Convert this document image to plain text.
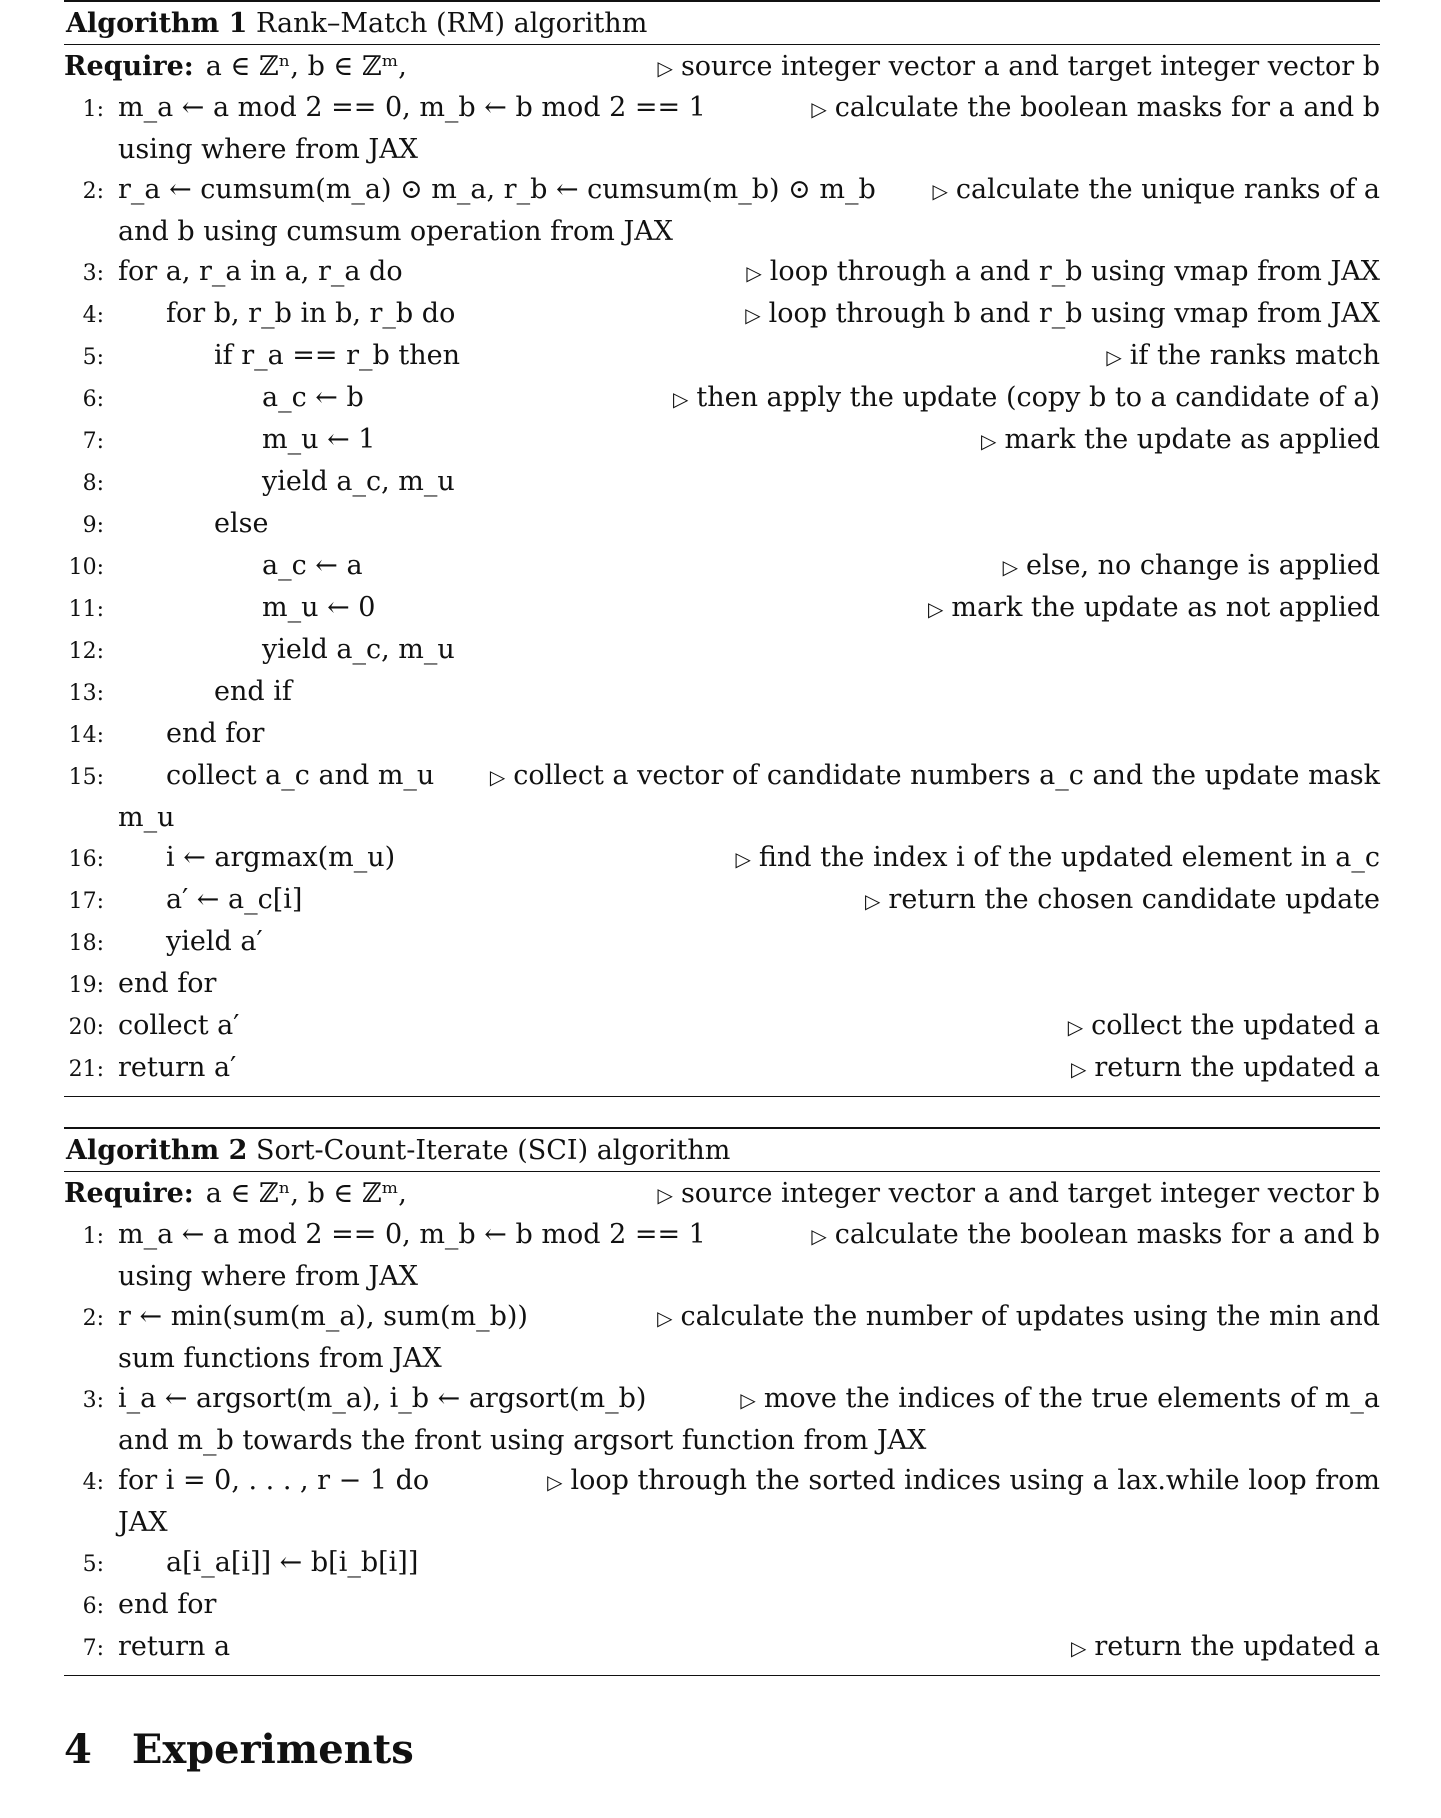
Algorithm 1 Rank–Match (RM) algorithm
Require: a ∈ ℤⁿ, b ∈ ℤᵐ,	▷ source integer vector a and target integer vector b
1: m_a ← a mod 2 == 0, m_b ← b mod 2 == 1	▷ calculate the boolean masks for a and b
using where from JAX
2: r_a ← cumsum(m_a) ⊙ m_a, r_b ← cumsum(m_b) ⊙ m_b	▷ calculate the unique ranks of a
and b using cumsum operation from JAX
3: for a, r_a in a, r_a do	▷ loop through a and r_b using vmap from JAX
4:	for b, r_b in b, r_b do	▷ loop through b and r_b using vmap from JAX
5:	if r_a == r_b then	▷ if the ranks match
6:	a_c ← b	▷ then apply the update (copy b to a candidate of a)
7:	m_u ← 1	▷ mark the update as applied
8:	yield a_c, m_u
9:	else
10:	a_c ← a	▷ else, no change is applied
11:	m_u ← 0	▷ mark the update as not applied
12:	yield a_c, m_u
13:	end if
14:	end for
15:	collect a_c and m_u	▷ collect a vector of candidate numbers a_c and the update mask
m_u
16:	i ← argmax(m_u)	▷ find the index i of the updated element in a_c
17:	a′ ← a_c[i]	▷ return the chosen candidate update
18:	yield a′
19: end for
20: collect a′	▷ collect the updated a
21: return a′	▷ return the updated a
Algorithm 2 Sort-Count-Iterate (SCI) algorithm
Require: a ∈ ℤⁿ, b ∈ ℤᵐ,	▷ source integer vector a and target integer vector b
1: m_a ← a mod 2 == 0, m_b ← b mod 2 == 1	▷ calculate the boolean masks for a and b
using where from JAX
2: r ← min(sum(m_a), sum(m_b))	▷ calculate the number of updates using the min and
sum functions from JAX
3: i_a ← argsort(m_a), i_b ← argsort(m_b)	▷ move the indices of the true elements of m_a
and m_b towards the front using argsort function from JAX
4: for i = 0, . . . , r − 1 do	▷ loop through the sorted indices using a lax.while loop from
JAX
5:	a[i_a[i]] ← b[i_b[i]]
6: end for
7: return a	▷ return the updated a
4 Experiments
